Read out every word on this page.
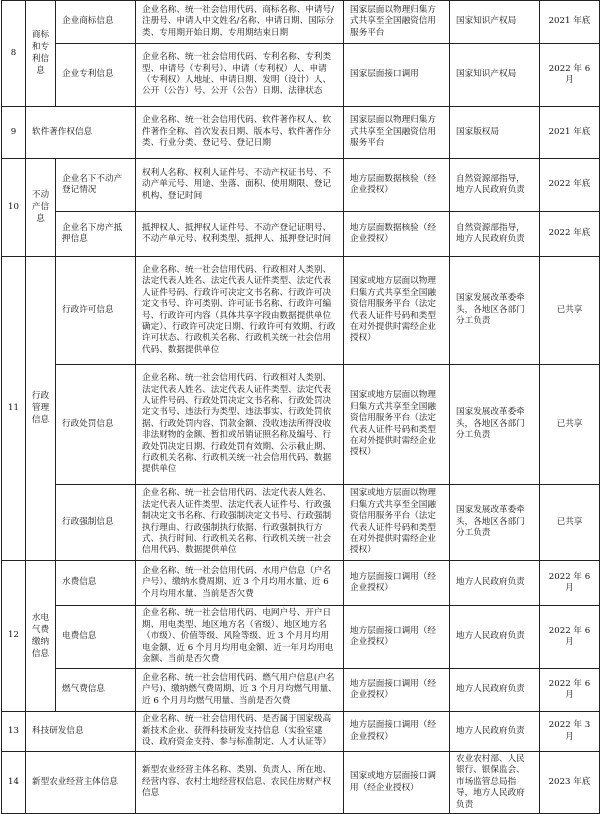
8	商标和专利信息	企业商标信息	企业名称、统一社会信用代码、商标名称、申请号/注册号、申请人中文姓名/名称、申请日期、国际分类、专用期开始日期、专用期结束日期	国家层面以物理归集方式共享至全国融资信用服务平台	国家知识产权局	2021 年底
		企业专利信息	企业名称、统一社会信用代码、专利名称、专利类型、申请号（专利号）、申请（专利权）人、申请（专利权）人地址、申请日期、发明（设计）人、公开（公告）号、公开（公告）日期、法律状态	国家层面接口调用	国家知识产权局	2022 年 6 月
9	软件著作权信息		企业名称、统一社会信用代码、软件著作权人、软件著作全称、首次发表日期、版本号、软件著作分类、行业分类、登记号、登记日期	国家层面以物理归集方式共享至全国融资信用服务平台	国家版权局	2021 年底
10	不动产信息	企业名下不动产登记情况	权利人名称、权利人证件号、不动产权证书号、不动产单元号、用途、坐落、面积、使用期限、登记机构、登记时间	地方层面数据核验（经企业授权）	自然资源部指导，地方人民政府负责	2022 年底
		企业名下房产抵押信息	抵押权人、抵押权人证件号、不动产登记证明号、不动产单元号、权利类型、抵押人、抵押登记时间	地方层面数据核验（经企业授权）	自然资源部指导，地方人民政府负责	2022 年底
11	行政管理信息	行政许可信息	企业名称、统一社会信用代码、行政相对人类别、法定代表人姓名、法定代表人证件类型、法定代表人证件号码、行政许可决定文书名称、行政许可决定文书号、许可类别、许可证书名称、行政许可编号、行政许可内容（具体共享字段由数据提供单位确定）、行政许可决定日期、行政许可有效期、行政许可状态、行政机关名称、行政机关统一社会信用代码、数据提供单位	国家或地方层面以物理归集方式共享至全国融资信用服务平台（法定代表人证件号码和类型在对外提供时需经企业授权）	国家发展改革委牵头，各地区各部门分工负责	已共享
		行政处罚信息	企业名称、统一社会信用代码、行政相对人类别、法定代表人姓名、法定代表人证件类型、法定代表人证件号码、行政处罚决定文书名称、行政处罚决定文书号、违法行为类型、违法事实、行政处罚依据、行政处罚内容、罚款金额、没收违法所得没收非法财物的金额、暂扣或吊销证照名称及编号、行政处罚决定日期、行政处罚有效期、公示截止期、行政机关名称、行政机关统一社会信用代码、数据提供单位	国家或地方层面以物理归集方式共享至全国融资信用服务平台（法定代表人证件号码和类型在对外提供时需经企业授权）	国家发展改革委牵头，各地区各部门分工负责	已共享
		行政强制信息	企业名称、统一社会信用代码、法定代表人姓名、法定代表人证件类型、法定代表人证件号、行政强制决定文书名称、行政强制决定文书号、行政强制执行理由、行政强制执行依据、行政强制执行方式、执行时间、行政机关名称、行政机关统一社会信用代码、数据提供单位	国家或地方层面以物理归集方式共享至全国融资信用服务平台（法定代表人证件号码和类型在对外提供时需经企业授权）	国家发展改革委牵头，各地区各部门分工负责	已共享
12	水电气费缴纳信息	水费信息	企业名称、统一社会信用代码、水用户信息（户名户号）、缴纳水费周期、近 3 个月均用水量、近 6 个月均用水量、当前是否欠费	地方层面接口调用（经企业授权）	地方人民政府负责	2022 年 6 月
		电费信息	企业名称、统一社会信用代码、电网户号、开户日期、用电类型、地区地方名（省级）、地区地方名（市级）、价值等级、风险等级、近 3 个月月均用电金额、近 6 个月月均用电金额、近一年月均用电金额、当前是否欠费	地方层面接口调用（经企业授权）	地方人民政府负责	2022 年 6 月
		燃气费信息	企业名称、统一社会信用代码、燃气用户信息(户名户号)、缴纳燃气费周期、近 3 个月月均燃气用量、近 6 个月月均燃气用量、当前是否欠费	地方层面接口调用（经企业授权）	地方人民政府负责	2022 年 6 月
13	科技研发信息		企业名称、统一社会信用代码、是否属于国家级高新技术企业、获得科技研发支持信息（实验室建设、政府资金支持、参与标准制定、人才认证等）	地方层面接口调用（经企业授权）	地方人民政府负责	2022 年 3 月
14	新型农业经营主体信息		新型农业经营主体名称、类别、负责人、所在地、经营内容、农村土地经营权信息、农民住房财产权信息	国家或地方层面接口调用（经企业授权）	农业农村部、人民银行、银保监会、市场监管总局指导，地方人民政府负责	2023 年底
